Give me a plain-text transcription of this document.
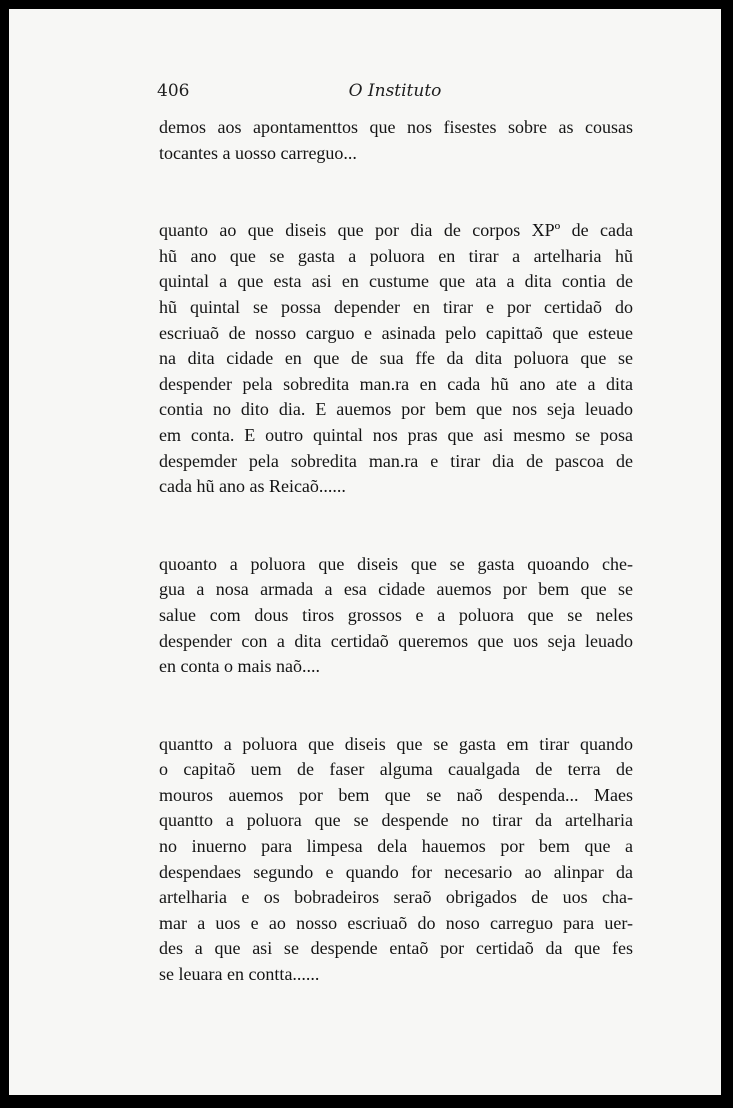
406	O Instituto

demos aos apontamenttos que nos fisestes sobre as cousas
tocantes a uosso carreguo...

quanto ao que diseis que por dia de corpos XPº de cada
hũ ano que se gasta a poluora en tirar a artelharia hũ
quintal a que esta asi en custume que ata a dita contia de
hũ quintal se possa depender en tirar e por certidaõ do
escriuaõ de nosso carguo e asinada pelo capittaõ que esteue
na dita cidade en que de sua ffe da dita poluora que se
despender pela sobredita man.ra en cada hũ ano ate a dita
contia no dito dia. E auemos por bem que nos seja leuado
em conta. E outro quintal nos pras que asi mesmo se posa
despemder pela sobredita man.ra e tirar dia de pascoa de
cada hũ ano as Reicaõ......

quoanto a poluora que diseis que se gasta quoando che-
gua a nosa armada a esa cidade auemos por bem que se
salue com dous tiros grossos e a poluora que se neles
despender con a dita certidaõ queremos que uos seja leuado
en conta o mais naõ....

quantto a poluora que diseis que se gasta em tirar quando
o capitaõ uem de faser alguma caualgada de terra de
mouros auemos por bem que se naõ despenda... Maes
quantto a poluora que se despende no tirar da artelharia
no inuerno para limpesa dela hauemos por bem que a
despendaes segundo e quando for necesario ao alinpar da
artelharia e os bobradeiros seraõ obrigados de uos cha-
mar a uos e ao nosso escriuaõ do noso carreguo para uer-
des a que asi se despende entaõ por certidaõ da que fes
se leuara en contta......
